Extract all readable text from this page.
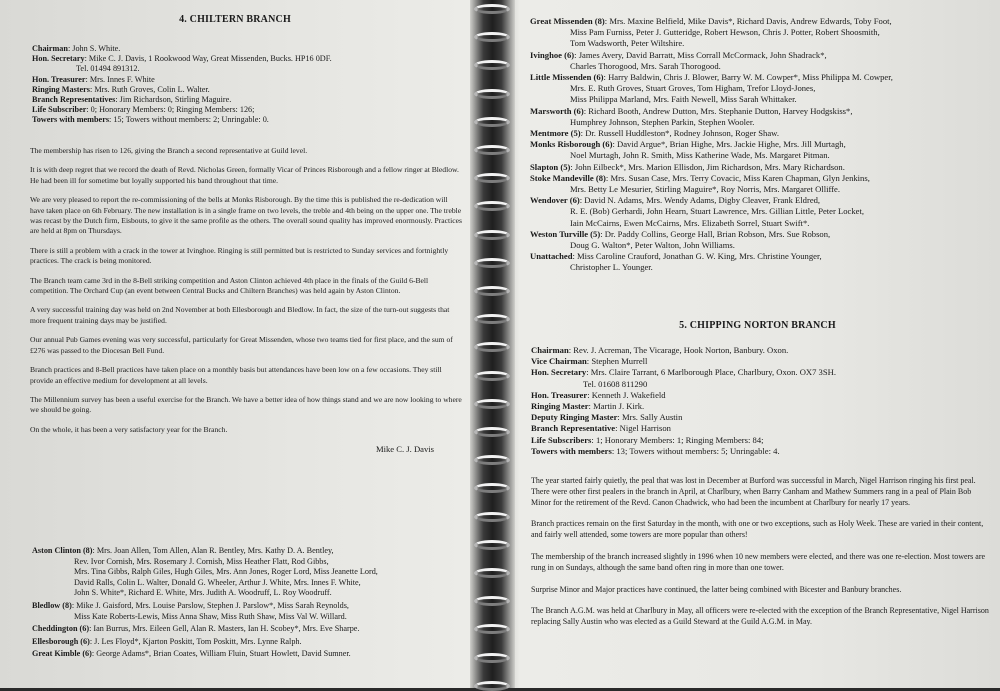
4. CHILTERN BRANCH
Chairman: John S. White.
Hon. Secretary: Mike C. J. Davis, 1 Rookwood Way, Great Missenden, Bucks. HP16 0DF.
Tel. 01494 891312.
Hon. Treasurer: Mrs. Innes F. White
Ringing Masters: Mrs. Ruth Groves, Colin L. Walter.
Branch Representatives: Jim Richardson, Stirling Maguire.
Life Subscriber: 0; Honorary Members: 0; Ringing Members: 126;
Towers with members: 15; Towers without members: 2; Unringable: 0.

The membership has risen to 126, giving the Branch a second representative at Guild level.

It is with deep regret that we record the death of Revd. Nicholas Green, formally Vicar of Princes Risborough and a fellow ringer at Bledlow. He had been ill for sometime but loyally supported his band throughout that time.

We are very pleased to report the re-commissioning of the bells at Monks Risborough. By the time this is published the re-dedication will have taken place on 6th February. The new installation is in a single frame on two levels, the treble and 4th being on the upper one. The treble was recast by the Dutch firm, Eisbouts, to give it the same profile as the others. The overall sound quality has improved enormously. Practices are held at 8pm on Thursdays.

There is still a problem with a crack in the tower at Ivinghoe. Ringing is still permitted but is restricted to Sunday services and fortnightly practices. The crack is being monitored.

The Branch team came 3rd in the 8-Bell striking competition and Aston Clinton achieved 4th place in the finals of the Guild 6-Bell competition. The Orchard Cup (an event between Central Bucks and Chiltern Branches) was held again by Aston Clinton.

A very successful training day was held on 2nd November at both Ellesborough and Bledlow. In fact, the size of the turn-out suggests that more frequent training days may be justified.

Our annual Pub Games evening was very successful, particularly for Great Missenden, whose two teams tied for first place, and the sum of £276 was passed to the Diocesan Bell Fund.

Branch practices and 8-Bell practices have taken place on a monthly basis but attendances have been low on a few occasions. They still provide an effective medium for development at all levels.

The Millennium survey has been a useful exercise for the Branch. We have a better idea of how things stand and we are now looking to where we should be going.

On the whole, it has been a very satisfactory year for the Branch.

Mike C. J. Davis

Aston Clinton (8): Mrs. Joan Allen, Tom Allen, Alan R. Bentley, Mrs. Kathy D. A. Bentley,
Rev. Ivor Cornish, Mrs. Rosemary J. Cornish, Miss Heather Flatt, Rod Gibbs,
Mrs. Tina Gibbs, Ralph Giles, Hugh Giles, Mrs. Ann Jones, Roger Lord, Miss Jeanette Lord,
David Ralls, Colin L. Walter, Donald G. Wheeler, Arthur J. White, Mrs. Innes F. White,
John S. White*, Richard E. White, Mrs. Judith A. Woodruff, L. Roy Woodruff.
Bledlow (8): Mike J. Gaisford, Mrs. Louise Parslow, Stephen J. Parslow*, Miss Sarah Reynolds,
Miss Kate Roberts-Lewis, Miss Anna Shaw, Miss Ruth Shaw, Miss Val W. Willard.
Cheddington (6): Ian Burrus, Mrs. Eileen Gell, Alan R. Masters, Ian H. Scobey*, Mrs. Eve Sharpe.
Ellesborough (6): J. Les Floyd*, Kjarton Poskitt, Tom Poskitt, Mrs. Lynne Ralph.
Great Kimble (6): George Adams*, Brian Coates, William Fluin, Stuart Howlett, David Sumner.
Great Missenden (8): Mrs. Maxine Belfield, Mike Davis*, Richard Davis, Andrew Edwards, Toby Foot,
Miss Pam Furniss, Peter J. Gutteridge, Robert Hewson, Chris J. Potter, Robert Shoosmith,
Tom Wadsworth, Peter Wiltshire.
Ivinghoe (6): James Avery, David Barratt, Miss Corrall McCormack, John Shadrack*,
Charles Thorogood, Mrs. Sarah Thorogood.
Little Missenden (6): Harry Baldwin, Chris J. Blower, Barry W. M. Cowper*, Miss Philippa M. Cowper,
Mrs. E. Ruth Groves, Stuart Groves, Tom Higham, Trefor Lloyd-Jones,
Miss Philippa Marland, Mrs. Faith Newell, Miss Sarah Whittaker.
Marsworth (6): Richard Booth, Andrew Dutton, Mrs. Stephanie Dutton, Harvey Hodgskiss*,
Humphrey Johnson, Stephen Parkin, Stephen Wooler.
Mentmore (5): Dr. Russell Huddleston*, Rodney Johnson, Roger Shaw.
Monks Risborough (6): David Argue*, Brian Highe, Mrs. Jackie Highe, Mrs. Jill Murtagh,
Noel Murtagh, John R. Smith, Miss Katherine Wade, Ms. Margaret Pitman.
Slapton (5): John Eilbeck*, Mrs. Marion Ellisdon, Jim Richardson, Mrs. Mary Richardson.
Stoke Mandeville (8): Mrs. Susan Case, Mrs. Terry Covacic, Miss Karen Chapman, Glyn Jenkins,
Mrs. Betty Le Mesurier, Stirling Maguire*, Roy Norris, Mrs. Margaret Olliffe.
Wendover (6): David N. Adams, Mrs. Wendy Adams, Digby Cleaver, Frank Eldred,
R. E. (Bob) Gerhardi, John Hearn, Stuart Lawrence, Mrs. Gillian Little, Peter Locket,
Iain McCairns, Ewen McCairns, Mrs. Elizabeth Sorrel, Stuart Swift*.
Weston Turville (5): Dr. Paddy Collins, George Hall, Brian Robson, Mrs. Sue Robson,
Doug G. Walton*, Peter Walton, John Williams.
Unattached: Miss Caroline Crauford, Jonathan G. W. King, Mrs. Christine Younger,
Christopher L. Younger.
5. CHIPPING NORTON BRANCH
Chairman: Rev. J. Acreman, The Vicarage, Hook Norton, Banbury. Oxon.
Vice Chairman: Stephen Murrell
Hon. Secretary: Mrs. Claire Tarrant, 6 Marlborough Place, Charlbury, Oxon. OX7 3SH.
Tel. 01608 811290
Hon. Treasurer: Kenneth J. Wakefield
Ringing Master: Martin J. Kirk.
Deputy Ringing Master: Mrs. Sally Austin
Branch Representative: Nigel Harrison
Life Subscribers: 1; Honorary Members: 1; Ringing Members: 84;
Towers with members: 13; Towers without members: 5; Unringable: 4.

The year started fairly quietly, the peal that was lost in December at Burford was successful in March, Nigel Harrison ringing his first peal. There were other first pealers in the branch in April, at Charlbury, when Barry Canham and Mathew Summers rang in a peal of Plain Bob Minor for the retirement of the Revd. Canon Chadwick, who had been the incumbent at Charlbury for nearly 17 years.

Branch practices remain on the first Saturday in the month, with one or two exceptions, such as Holy Week. These are varied in their content, and fairly well attended, some towers are more popular than others!

The membership of the branch increased slightly in 1996 when 10 new members were elected, and there was one re-election. Most towers are rung in on Sundays, although the same band often ring in more than one tower.

Surprise Minor and Major practices have continued, the latter being combined with Bicester and Banbury branches.

The Branch A.G.M. was held at Charlbury in May, all officers were re-elected with the exception of the Branch Representative, Nigel Harrison replacing Sally Austin who was elected as a Guild Steward at the Guild A.G.M. in May.
